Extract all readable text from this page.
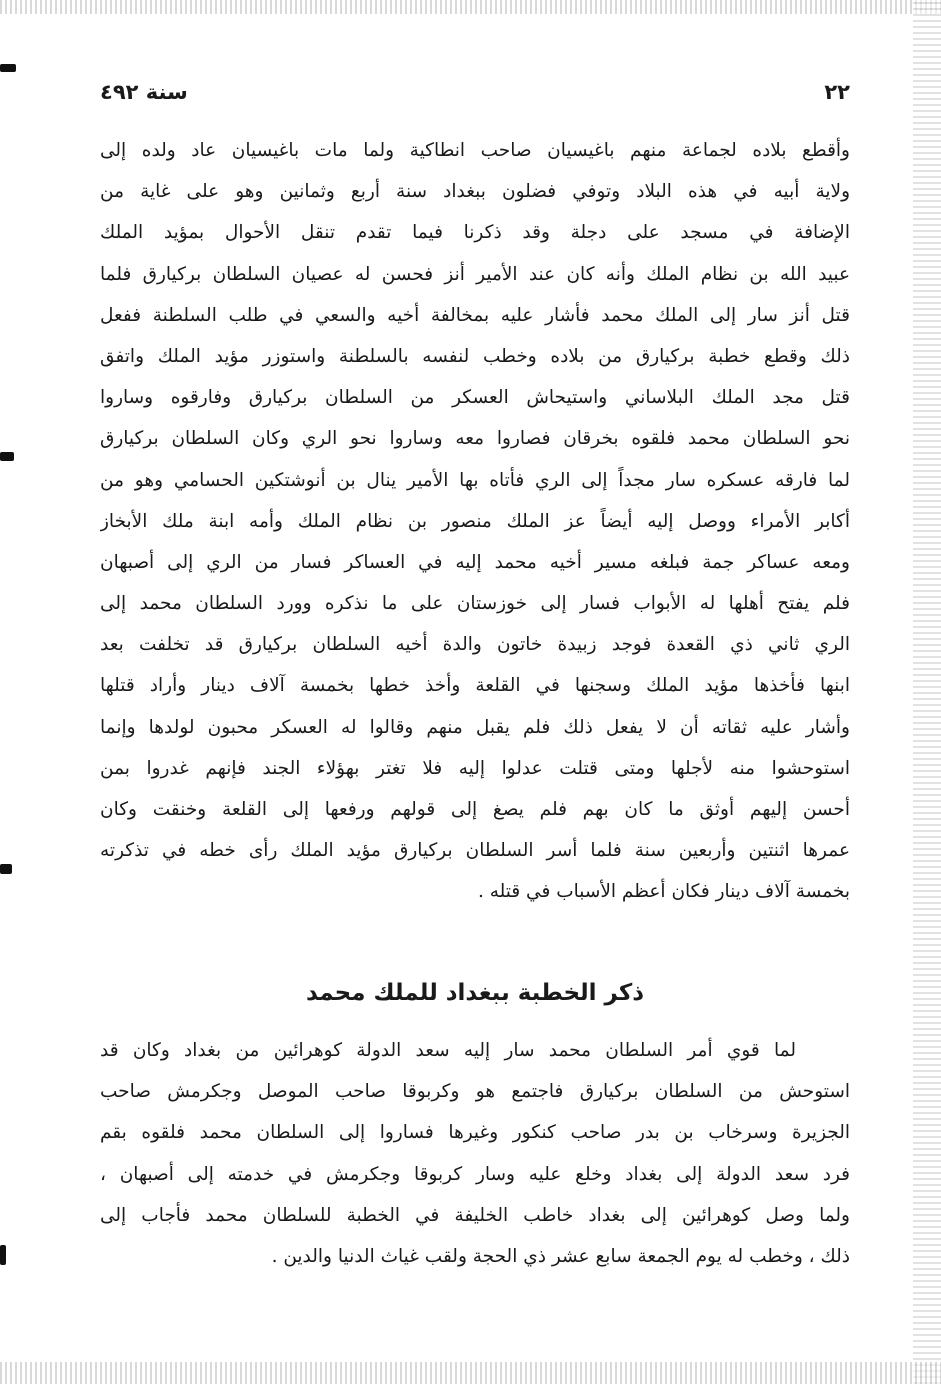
٢٢
سنة ٤٩٢
وأقطع بلاده لجماعة منهم باغيسيان صاحب انطاكية ولما مات باغيسيان عاد ولده إلى
ولاية أبيه في هذه البلاد وتوفي فضلون ببغداد سنة أربع وثمانين وهو على غاية من
الإضافة في مسجد على دجلة وقد ذكرنا فيما تقدم تنقل الأحوال بمؤيد الملك
عبيد الله بن نظام الملك وأنه كان عند الأمير أنز فحسن له عصيان السلطان بركيارق فلما
قتل أنز سار إلى الملك محمد فأشار عليه بمخالفة أخيه والسعي في طلب السلطنة ففعل
ذلك وقطع خطبة بركيارق من بلاده وخطب لنفسه بالسلطنة واستوزر مؤيد الملك واتفق
قتل مجد الملك البلاساني واستيحاش العسكر من السلطان بركيارق وفارقوه وساروا
نحو السلطان محمد فلقوه بخرقان فصاروا معه وساروا نحو الري وكان السلطان بركيارق
لما فارقه عسكره سار مجداً إلى الري فأتاه بها الأمير ينال بن أنوشتكين الحسامي وهو من
أكابر الأمراء ووصل إليه أيضاً عز الملك منصور بن نظام الملك وأمه ابنة ملك الأبخاز
ومعه عساكر جمة فبلغه مسير أخيه محمد إليه في العساكر فسار من الري إلى أصبهان
فلم يفتح أهلها له الأبواب فسار إلى خوزستان على ما نذكره وورد السلطان محمد إلى
الري ثاني ذي القعدة فوجد زبيدة خاتون والدة أخيه السلطان بركيارق قد تخلفت بعد
ابنها فأخذها مؤيد الملك وسجنها في القلعة وأخذ خطها بخمسة آلاف دينار وأراد قتلها
وأشار عليه ثقاته أن لا يفعل ذلك فلم يقبل منهم وقالوا له العسكر محبون لولدها وإنما
استوحشوا منه لأجلها ومتى قتلت عدلوا إليه فلا تغتر بهؤلاء الجند فإنهم غدروا بمن
أحسن إليهم أوثق ما كان بهم فلم يصغ إلى قولهم ورفعها إلى القلعة وخنقت وكان
عمرها اثنتين وأربعين سنة فلما أسر السلطان بركيارق مؤيد الملك رأى خطه في تذكرته
بخمسة آلاف دينار فكان أعظم الأسباب في قتله .
ذكر الخطبة ببغداد للملك محمد
لما قوي أمر السلطان محمد سار إليه سعد الدولة كوهرائين من بغداد وكان قد
استوحش من السلطان بركيارق فاجتمع هو وكربوقا صاحب الموصل وجكرمش صاحب
الجزيرة وسرخاب بن بدر صاحب كنكور وغيرها فساروا إلى السلطان محمد فلقوه بقم
فرد سعد الدولة إلى بغداد وخلع عليه وسار كربوقا وجكرمش في خدمته إلى أصبهان ،
ولما وصل كوهرائين إلى بغداد خاطب الخليفة في الخطبة للسلطان محمد فأجاب إلى
ذلك ، وخطب له يوم الجمعة سابع عشر ذي الحجة ولقب غياث الدنيا والدين .
